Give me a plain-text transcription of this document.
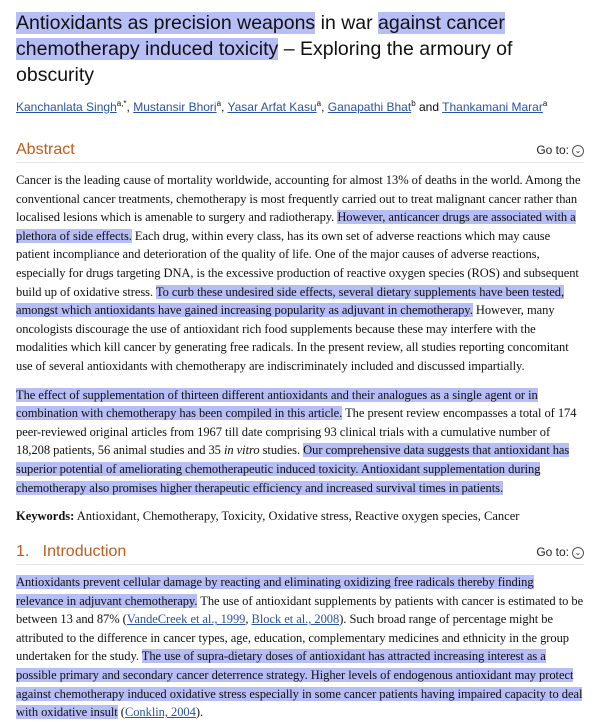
Antioxidants as precision weapons in war against cancer chemotherapy induced toxicity – Exploring the armoury of obscurity
Kanchanlata Singh$^{a,*}$, Mustansir Bhori$^a$, Yasar Arfat Kasu$^a$, Ganapathi Bhat$^b$ and Thankamani Marar$^a$
Abstract	Go to: ⌄

Cancer is the leading cause of mortality worldwide, accounting for almost 13% of deaths in the world. Among the conventional cancer treatments, chemotherapy is most frequently carried out to treat malignant cancer rather than localised lesions which is amenable to surgery and radiotherapy. However, anticancer drugs are associated with a plethora of side effects. Each drug, within every class, has its own set of adverse reactions which may cause patient incompliance and deterioration of the quality of life. One of the major causes of adverse reactions, especially for drugs targeting DNA, is the excessive production of reactive oxygen species (ROS) and subsequent build up of oxidative stress. To curb these undesired side effects, several dietary supplements have been tested, amongst which antioxidants have gained increasing popularity as adjuvant in chemotherapy. However, many oncologists discourage the use of antioxidant rich food supplements because these may interfere with the modalities which kill cancer by generating free radicals. In the present review, all studies reporting concomitant use of several antioxidants with chemotherapy are indiscriminately included and discussed impartially.

The effect of supplementation of thirteen different antioxidants and their analogues as a single agent or in combination with chemotherapy has been compiled in this article. The present review encompasses a total of 174 peer-reviewed original articles from 1967 till date comprising 93 clinical trials with a cumulative number of 18,208 patients, 56 animal studies and 35 in vitro studies. Our comprehensive data suggests that antioxidant has superior potential of ameliorating chemotherapeutic induced toxicity. Antioxidant supplementation during chemotherapy also promises higher therapeutic efficiency and increased survival times in patients.

Keywords: Antioxidant, Chemotherapy, Toxicity, Oxidative stress, Reactive oxygen species, Cancer
1.   Introduction	Go to: ⌄

Antioxidants prevent cellular damage by reacting and eliminating oxidizing free radicals thereby finding relevance in adjuvant chemotherapy. The use of antioxidant supplements by patients with cancer is estimated to be between 13 and 87% (VandeCreek et al., 1999, Block et al., 2008). Such broad range of percentage might be attributed to the difference in cancer types, age, education, complementary medicines and ethnicity in the group undertaken for the study. The use of supra-dietary doses of antioxidant has attracted increasing interest as a possible primary and secondary cancer deterrence strategy. Higher levels of endogenous antioxidant may protect against chemotherapy induced oxidative stress especially in some cancer patients having impaired capacity to deal with oxidative insult (Conklin, 2004).
